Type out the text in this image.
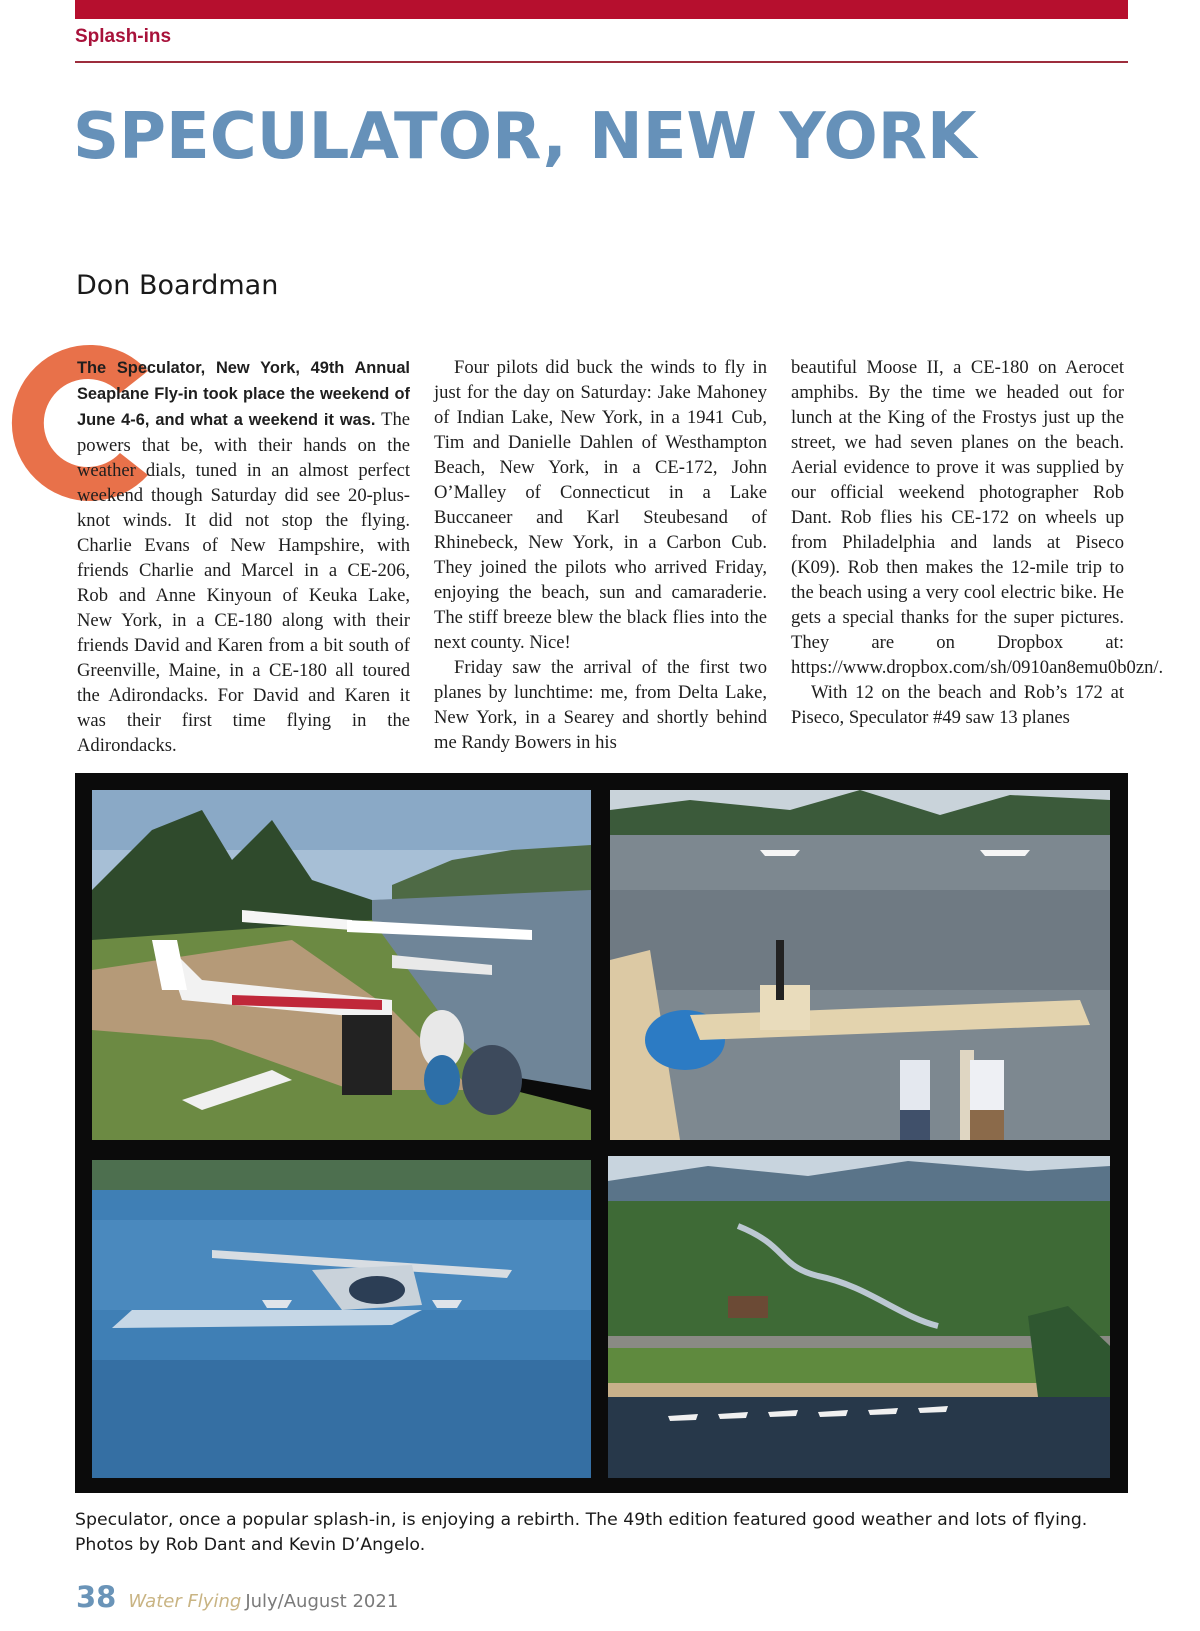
Splash-ins
SPECULATOR, NEW YORK
Don Boardman

The Speculator, New York, 49th Annual Seaplane Fly-in took place the weekend of June 4-6, and what a weekend it was. The powers that be, with their hands on the weather dials, tuned in an almost perfect weekend though Saturday did see 20-plus-knot winds. It did not stop the flying. Charlie Evans of New Hampshire, with friends Charlie and Marcel in a CE-206, Rob and Anne Kinyoun of Keuka Lake, New York, in a CE-180 along with their friends David and Karen from a bit south of Greenville, Maine, in a CE-180 all toured the Adirondacks. For David and Karen it was their first time flying in the Adirondacks.

Four pilots did buck the winds to fly in just for the day on Saturday: Jake Mahoney of Indian Lake, New York, in a 1941 Cub, Tim and Danielle Dahlen of Westhampton Beach, New York, in a CE-172, John O’Malley of Connecticut in a Lake Buccaneer and Karl Steubesand of Rhinebeck, New York, in a Carbon Cub. They joined the pilots who arrived Friday, enjoying the beach, sun and camaraderie. The stiff breeze blew the black flies into the next county. Nice!

Friday saw the arrival of the first two planes by lunchtime: me, from Delta Lake, New York, in a Searey and shortly behind me Randy Bowers in his

beautiful Moose II, a CE-180 on Aerocet amphibs. By the time we headed out for lunch at the King of the Frostys just up the street, we had seven planes on the beach. Aerial evidence to prove it was supplied by our official weekend photographer Rob Dant. Rob flies his CE-172 on wheels up from Philadelphia and lands at Piseco (K09). Rob then makes the 12-mile trip to the beach using a very cool electric bike. He gets a special thanks for the super pictures. They are on Dropbox at: https://www.dropbox.com/sh/0910an8emu0b0zn/.

With 12 on the beach and Rob’s 172 at Piseco, Speculator #49 saw 13 planes

Speculator, once a popular splash-in, is enjoying a rebirth. The 49th edition featured good weather and lots of flying.
Photos by Rob Dant and Kevin D’Angelo.
38 Water Flying July/August 2021
